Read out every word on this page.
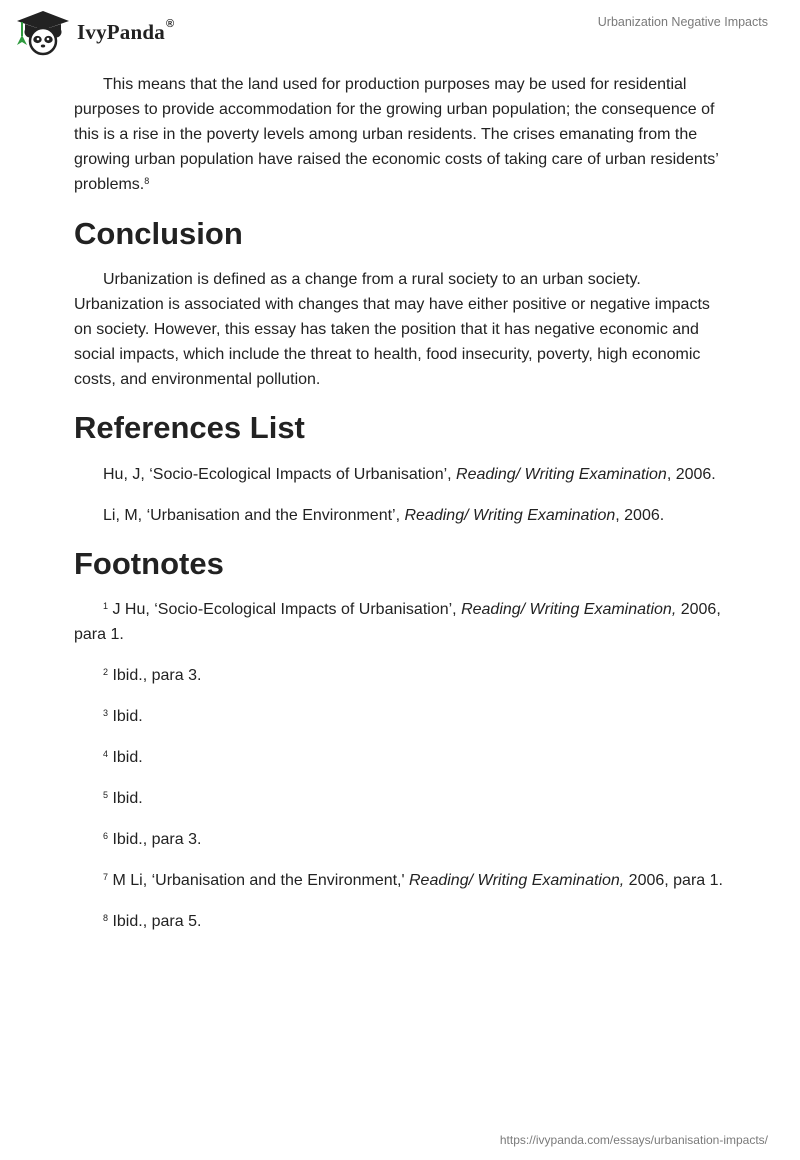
IvyPanda®	Urbanization Negative Impacts

This means that the land used for production purposes may be used for residential purposes to provide accommodation for the growing urban population; the consequence of this is a rise in the poverty levels among urban residents. The crises emanating from the growing urban population have raised the economic costs of taking care of urban residents’ problems.$^8$

Conclusion

Urbanization is defined as a change from a rural society to an urban society. Urbanization is associated with changes that may have either positive or negative impacts on society. However, this essay has taken the position that it has negative economic and social impacts, which include the threat to health, food insecurity, poverty, high economic costs, and environmental pollution.

References List

Hu, J, ‘Socio-Ecological Impacts of Urbanisation’, Reading/ Writing Examination, 2006.

Li, M, ‘Urbanisation and the Environment’, Reading/ Writing Examination, 2006.

Footnotes

$^1$ J Hu, ‘Socio-Ecological Impacts of Urbanisation’, Reading/ Writing Examination, 2006, para 1.

$^2$ Ibid., para 3.

$^3$ Ibid.

$^4$ Ibid.

$^5$ Ibid.

$^6$ Ibid., para 3.

$^7$ M Li, ‘Urbanisation and the Environment,' Reading/ Writing Examination, 2006, para 1.

$^8$ Ibid., para 5.

https://ivypanda.com/essays/urbanisation-impacts/
